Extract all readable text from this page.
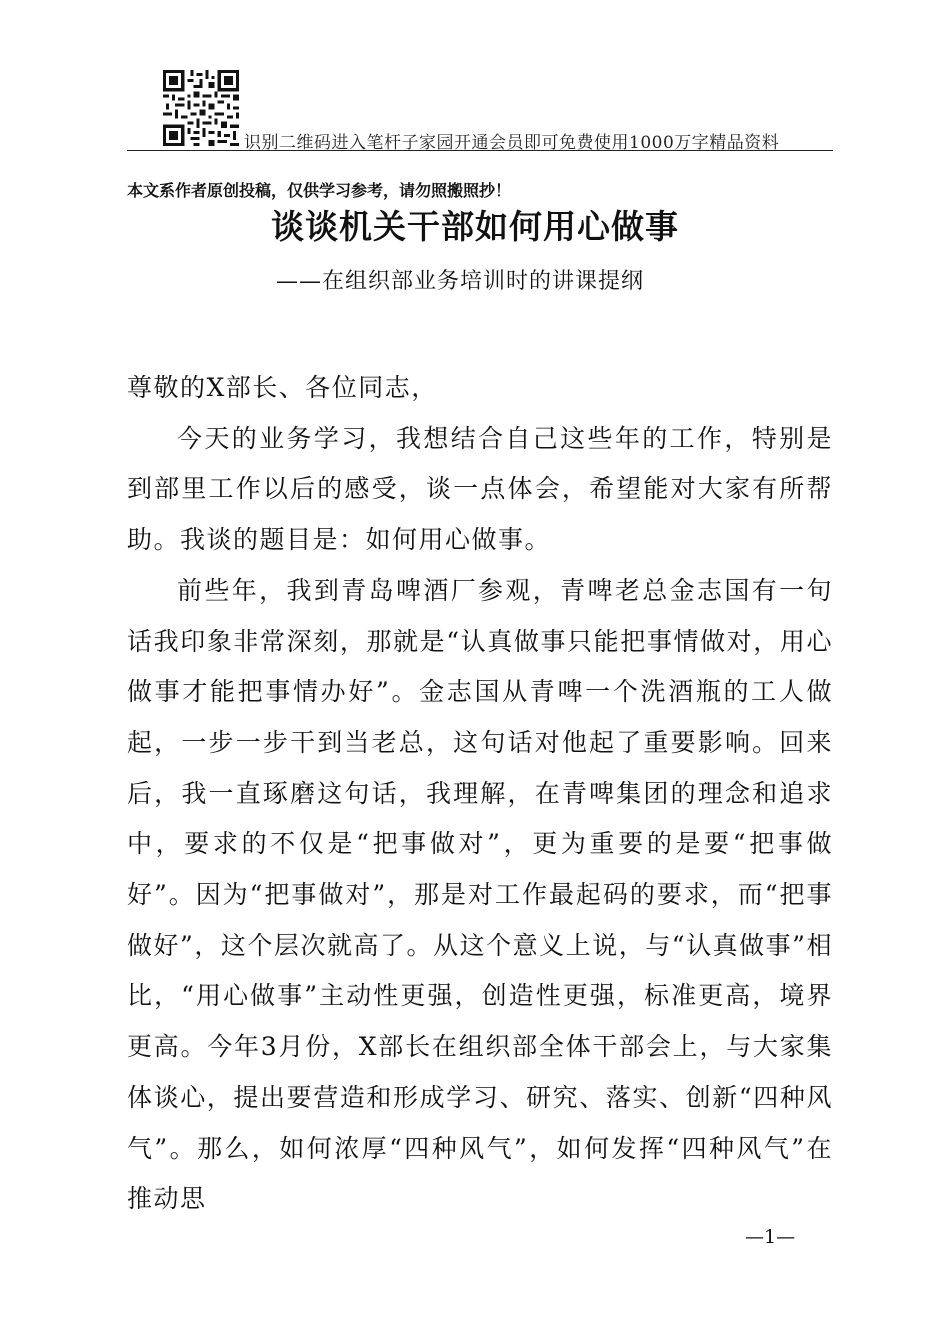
识别二维码进入笔杆子家园开通会员即可免费使用1000万字精品资料
本文系作者原创投稿，仅供学习参考，请勿照搬照抄！
谈谈机关干部如何用心做事
——在组织部业务培训时的讲课提纲

尊敬的X部长、各位同志，

今天的业务学习，我想结合自己这些年的工作，特别是到部里工作以后的感受，谈一点体会，希望能对大家有所帮助。我谈的题目是：如何用心做事。

前些年，我到青岛啤酒厂参观，青啤老总金志国有一句话我印象非常深刻，那就是“认真做事只能把事情做对，用心做事才能把事情办好”。金志国从青啤一个洗酒瓶的工人做起，一步一步干到当老总，这句话对他起了重要影响。回来后，我一直琢磨这句话，我理解，在青啤集团的理念和追求中，要求的不仅是“把事做对”，更为重要的是要“把事做好”。因为“把事做对”，那是对工作最起码的要求，而“把事做好”，这个层次就高了。从这个意义上说，与“认真做事”相比，“用心做事”主动性更强，创造性更强，标准更高，境界更高。今年3月份，X部长在组织部全体干部会上，与大家集体谈心，提出要营造和形成学习、研究、落实、创新“四种风气”。那么，如何浓厚“四种风气”，如何发挥“四种风气”在推动思

—1—
